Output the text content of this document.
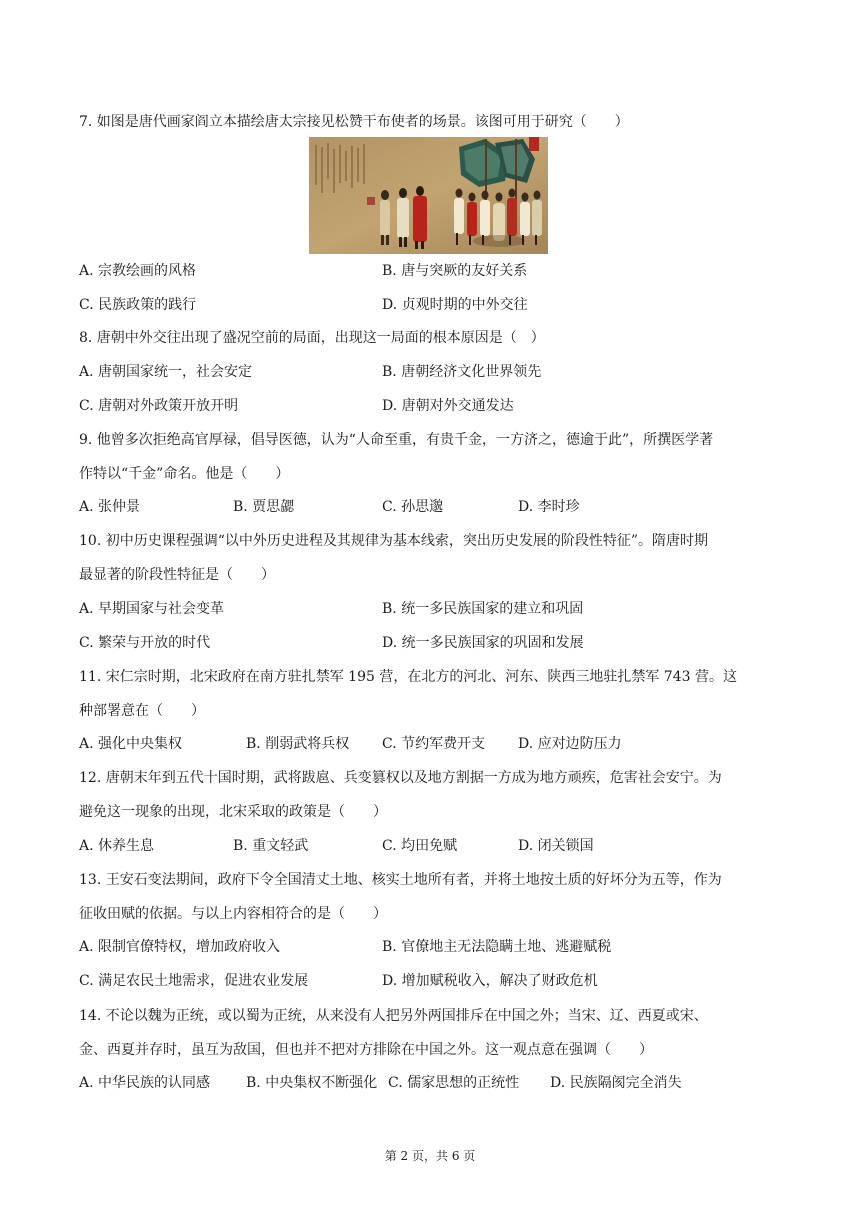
7. 如图是唐代画家阎立本描绘唐太宗接见松赞干布使者的场景。该图可用于研究（　　）
A. 宗教绘画的风格	B. 唐与突厥的友好关系
C. 民族政策的践行	D. 贞观时期的中外交往
8. 唐朝中外交往出现了盛况空前的局面，出现这一局面的根本原因是（　）
A. 唐朝国家统一，社会安定	B. 唐朝经济文化世界领先
C. 唐朝对外政策开放开明	D. 唐朝对外交通发达
9. 他曾多次拒绝高官厚禄，倡导医德，认为“人命至重，有贵千金，一方济之，德逾于此”，所撰医学著
作特以“千金”命名。他是（　　）
A. 张仲景	B. 贾思勰	C. 孙思邈	D. 李时珍
10. 初中历史课程强调“以中外历史进程及其规律为基本线索，突出历史发展的阶段性特征”。隋唐时期
最显著的阶段性特征是（　　）
A. 早期国家与社会变革	B. 统一多民族国家的建立和巩固
C. 繁荣与开放的时代	D. 统一多民族国家的巩固和发展
11. 宋仁宗时期，北宋政府在南方驻扎禁军 195 营，在北方的河北、河东、陕西三地驻扎禁军 743 营。这
种部署意在（　　）
A. 强化中央集权	B. 削弱武将兵权 C. 节约军费开支 D. 应对边防压力
12. 唐朝末年到五代十国时期，武将跋扈、兵变篡权以及地方割据一方成为地方顽疾，危害社会安宁。为
避免这一现象的出现，北宋采取的政策是（　　）
A. 休养生息	B. 重文轻武	C. 均田免赋	D. 闭关锁国
13. 王安石变法期间，政府下令全国清丈土地、核实土地所有者，并将土地按土质的好坏分为五等，作为
征收田赋的依据。与以上内容相符合的是（　　）
A. 限制官僚特权，增加政府收入	B. 官僚地主无法隐瞒土地、逃避赋税
C. 满足农民土地需求，促进农业发展	D. 增加赋税收入，解决了财政危机
14. 不论以魏为正统，或以蜀为正统，从来没有人把另外两国排斥在中国之外；当宋、辽、西夏或宋、
金、西夏并存时，虽互为敌国，但也并不把对方排除在中国之外。这一观点意在强调（　　）
A. 中华民族的认同感	B. 中央集权不断强化 C. 儒家思想的正统性 D. 民族隔阂完全消失
第 2 页，共 6 页
